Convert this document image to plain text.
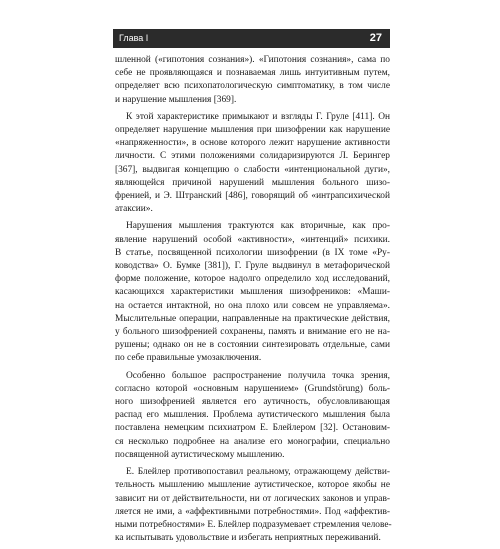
Глава I	27

шленной («гипотония сознания»). «Гипотония сознания», сама по
себе не проявляющаяся и познаваемая лишь интуитивным путем,
определяет всю психопатологическую симптоматику, в том числе
и нарушение мышления [369].

К этой характеристике примыкают и взгляды Г. Груле [411]. Он
определяет нарушение мышления при шизофрении как нарушение
«напряженности», в основе которого лежит нарушение активности
личности. С этими положениями солидаризируются Л. Берингер
[367], выдвигая концепцию о слабости «интенциональной дуги»,
являющейся причиной нарушений мышления больного шизо-
френией, и Э. Штранский [486], говорящий об «интрапсихической
атаксии».

Нарушения мышления трактуются как вторичные, как про-
явление нарушений особой «активности», «интенций» психики.
В статье, посвященной психологии шизофрении (в IX томе «Ру-
ководства» О. Бумке [381]), Г. Груле выдвинул в метафорической
форме положение, которое надолго определило ход исследований,
касающихся характеристики мышления шизофреников: «Маши-
на остается интактной, но она плохо или совсем не управляема».
Мыслительные операции, направленные на практические действия,
у больного шизофренией сохранены, память и внимание его не на-
рушены; однако он не в состоянии синтезировать отдельные, сами
по себе правильные умозаключения.

Особенно большое распространение получила точка зрения,
согласно которой «основным нарушением» (Grundstörung) боль-
ного шизофренией является его аутичность, обусловливающая
распад его мышления. Проблема аутистического мышления была
поставлена немецким психиатром Е. Блейлером [32]. Остановим-
ся несколько подробнее на анализе его монографии, специально
посвященной аутистическому мышлению.

Е. Блейлер противопоставил реальному, отражающему действи-
тельность мышлению мышление аутистическое, которое якобы не
зависит ни от действительности, ни от логических законов и управ-
ляется не ими, а «аффективными потребностями». Под «аффектив-
ными потребностями» Е. Блейлер подразумевает стремления челове-
ка испытывать удовольствие и избегать неприятных переживаний.
